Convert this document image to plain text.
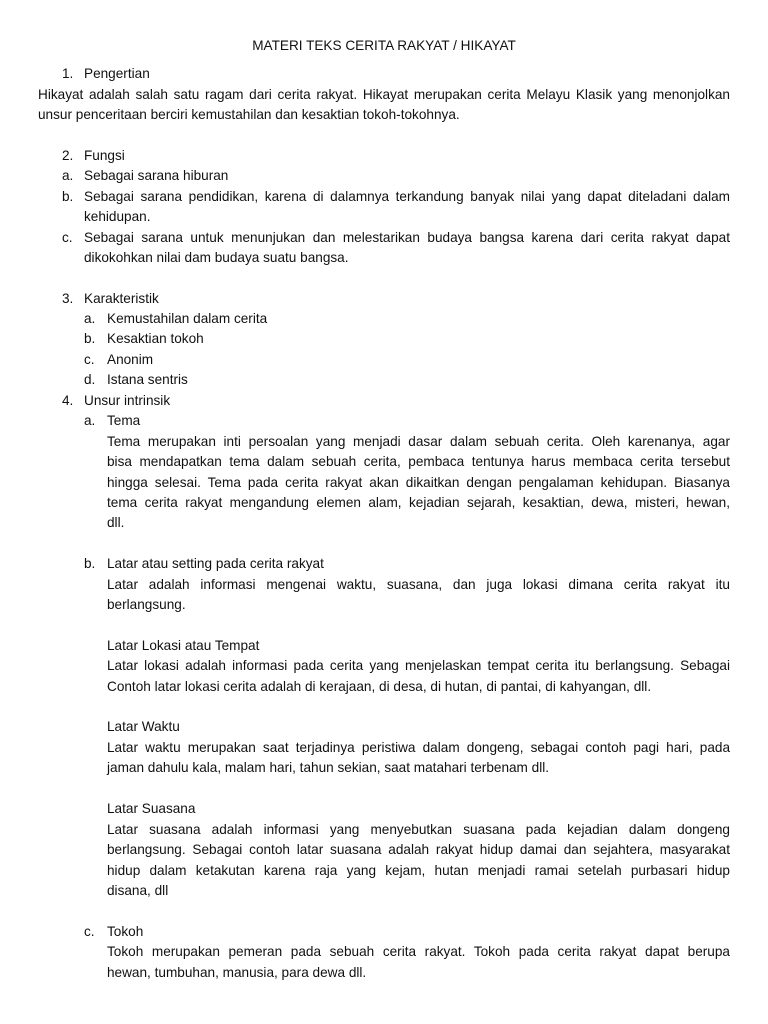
MATERI TEKS CERITA RAKYAT / HIKAYAT
1. Pengertian
Hikayat adalah salah satu ragam dari cerita rakyat. Hikayat merupakan cerita Melayu Klasik yang menonjolkan
unsur penceritaan berciri kemustahilan dan kesaktian tokoh-tokohnya.
2. Fungsi
a. Sebagai sarana hiburan
b. Sebagai sarana pendidikan, karena di dalamnya terkandung banyak nilai yang dapat diteladani dalam
kehidupan.
c. Sebagai sarana untuk menunjukan dan melestarikan budaya bangsa karena dari cerita rakyat dapat
dikokohkan nilai dam budaya suatu bangsa.
3. Karakteristik
a. Kemustahilan dalam cerita
b. Kesaktian tokoh
c. Anonim
d. Istana sentris
4. Unsur intrinsik
a. Tema
Tema merupakan inti persoalan yang menjadi dasar dalam sebuah cerita. Oleh karenanya, agar
bisa mendapatkan tema dalam sebuah cerita, pembaca tentunya harus membaca cerita tersebut
hingga selesai. Tema pada cerita rakyat akan dikaitkan dengan pengalaman kehidupan. Biasanya
tema cerita rakyat mengandung elemen alam, kejadian sejarah, kesaktian, dewa, misteri, hewan,
dll.
b. Latar atau setting pada cerita rakyat
Latar adalah informasi mengenai waktu, suasana, dan juga lokasi dimana cerita rakyat itu
berlangsung.
Latar Lokasi atau Tempat
Latar lokasi adalah informasi pada cerita yang menjelaskan tempat cerita itu berlangsung. Sebagai
Contoh latar lokasi cerita adalah di kerajaan, di desa, di hutan, di pantai, di kahyangan, dll.
Latar Waktu
Latar waktu merupakan saat terjadinya peristiwa dalam dongeng, sebagai contoh pagi hari, pada
jaman dahulu kala, malam hari, tahun sekian, saat matahari terbenam dll.
Latar Suasana
Latar suasana adalah informasi yang menyebutkan suasana pada kejadian dalam dongeng
berlangsung. Sebagai contoh latar suasana adalah rakyat hidup damai dan sejahtera, masyarakat
hidup dalam ketakutan karena raja yang kejam, hutan menjadi ramai setelah purbasari hidup
disana, dll
c. Tokoh
Tokoh merupakan pemeran pada sebuah cerita rakyat. Tokoh pada cerita rakyat dapat berupa
hewan, tumbuhan, manusia, para dewa dll.
